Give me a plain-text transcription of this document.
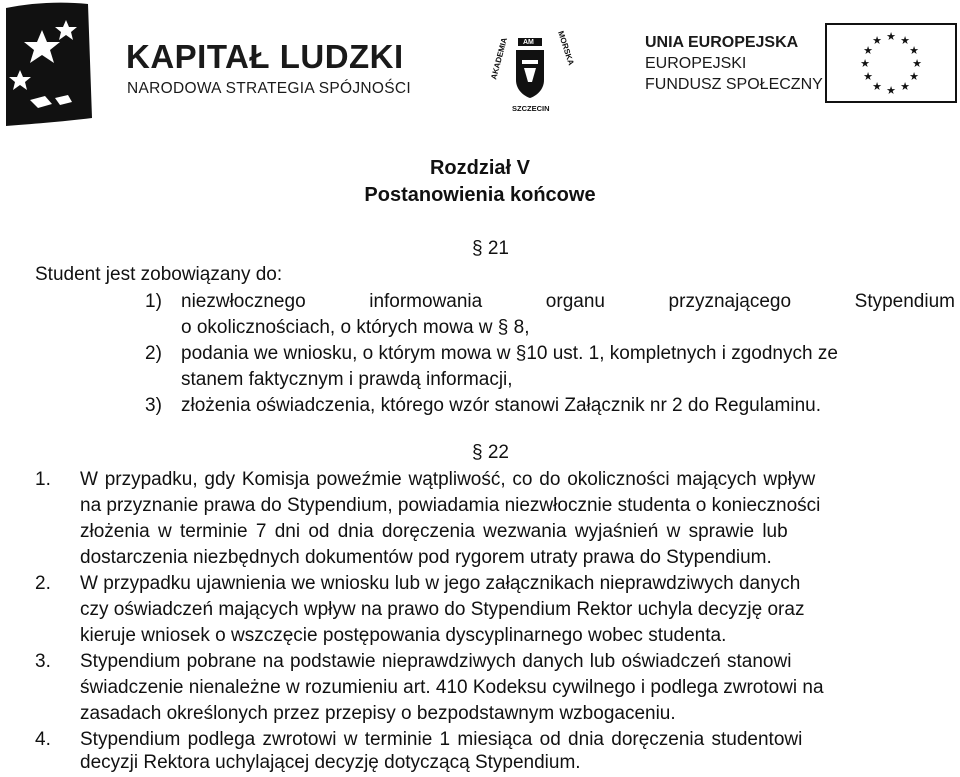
KAPITAŁ LUDZKI
NARODOWA STRATEGIA SPÓJNOŚCI
AKADEMIA	MORSKA
SZCZECIN
AM	UNIA EUROPEJSKA
EUROPEJSKI
FUNDUSZ SPOŁECZNY
★ ★
★
★
★
★
★
★
★
★
★
★
Rozdział V
Postanowienia końcowe
§ 21
Student jest zobowiązany do:
1) niezwłocznego	informowania	organu	przyznającego	Stypendium
o okolicznościach, o których mowa w § 8,
2) podania we wniosku, o którym mowa w §10 ust. 1, kompletnych i zgodnych ze
stanem faktycznym i prawdą informacji,
3) złożenia oświadczenia, którego wzór stanowi Załącznik nr 2 do Regulaminu.
§ 22
1. W przypadku, gdy Komisja poweźmie wątpliwość, co do okoliczności mających wpływ
na przyznanie prawa do Stypendium, powiadamia niezwłocznie studenta o konieczności
złożenia w terminie 7 dni od dnia doręczenia wezwania wyjaśnień w sprawie lub
dostarczenia niezbędnych dokumentów pod rygorem utraty prawa do Stypendium.
2. W przypadku ujawnienia we wniosku lub w jego załącznikach nieprawdziwych danych
czy oświadczeń mających wpływ na prawo do Stypendium Rektor uchyla decyzję oraz
kieruje wniosek o wszczęcie postępowania dyscyplinarnego wobec studenta.
3. Stypendium pobrane na podstawie nieprawdziwych danych lub oświadczeń stanowi
świadczenie nienależne w rozumieniu art. 410 Kodeksu cywilnego i podlega zwrotowi na
zasadach określonych przez przepisy o bezpodstawnym wzbogaceniu.
4. Stypendium podlega zwrotowi w terminie 1 miesiąca od dnia doręczenia studentowi
decyzji Rektora uchylającej decyzję dotyczącą Stypendium.
